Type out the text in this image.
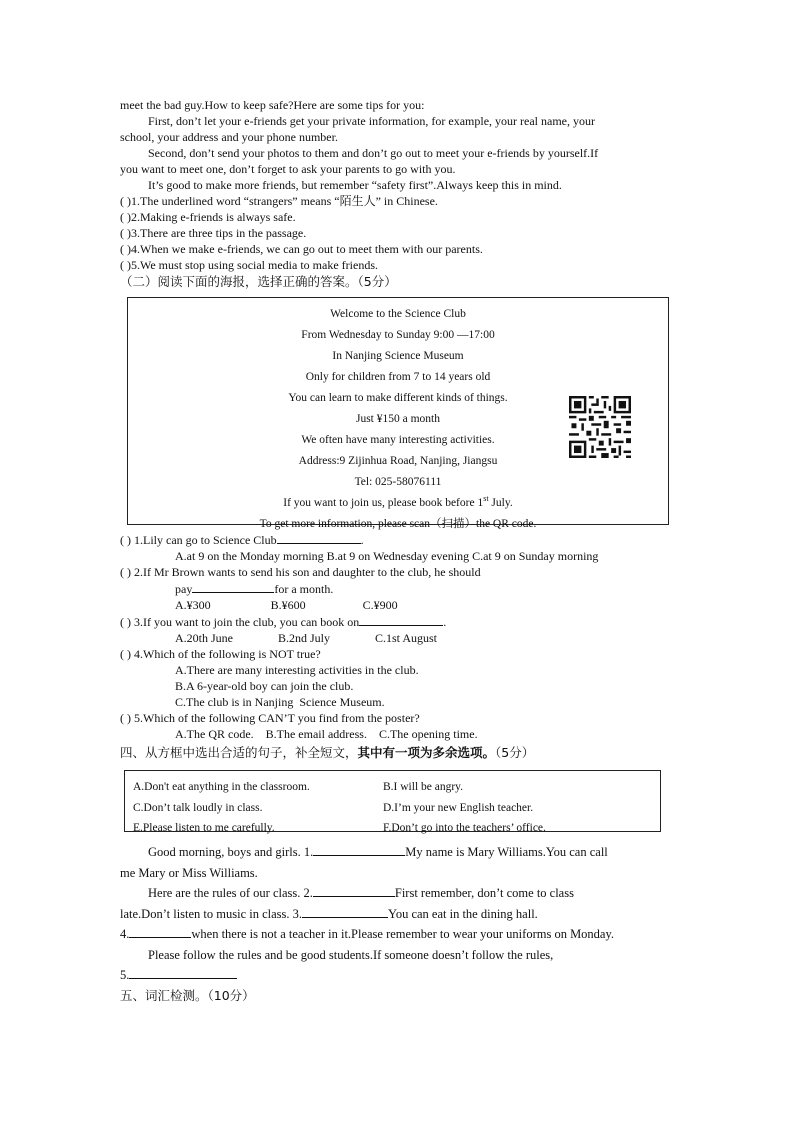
meet the bad guy.How to keep safe?Here are some tips for you:
First, don’t let your e-friends get your private information, for example, your real name, your
school, your address and your phone number.
Second, don’t send your photos to them and don’t go out to meet your e-friends by yourself.If
you want to meet one, don’t forget to ask your parents to go with you.
It’s good to make more friends, but remember “safety first”.Always keep this in mind.
( )1.The underlined word “strangers” means “陌生人” in Chinese.
( )2.Making e-friends is always safe.
( )3.There are three tips in the passage.
( )4.When we make e-friends, we can go out to meet them with our parents.
( )5.We must stop using social media to make friends.
（二）阅读下面的海报，选择正确的答案。（5分）
Welcome to the Science Club
From Wednesday to Sunday 9:00 —17:00
In Nanjing Science Museum
Only for children from 7 to 14 years old
You can learn to make different kinds of things.
Just ¥150 a month
We often have many interesting activities.
Address:9 Zijinhua Road, Nanjing, Jiangsu
Tel: 025-58076111
If you want to join us, please book before 1st July.
To get more information, please scan（扫描）the QR code.
( ) 1.Lily can go to Science Club	.
A.at 9 on the Monday morning B.at 9 on Wednesday evening C.at 9 on Sunday morning
( ) 2.If Mr Brown wants to send his son and daughter to the club, he should
pay	for a month.
A.¥300                    B.¥600                   C.¥900
( ) 3.If you want to join the club, you can book on	.
A.20th June               B.2nd July               C.1st August
( ) 4.Which of the following is NOT true?
A.There are many interesting activities in the club.
B.A 6-year-old boy can join the club.
C.The club is in Nanjing  Science Museum.
( ) 5.Which of the following CAN’T you find from the poster?
A.The QR code.    B.The email address.    C.The opening time.
四、从方框中选出合适的句子，补全短文，其中有一项为多余选项。（5分）
A.Don't eat anything in the classroom.	B.I will be angry.
C.Don’t talk loudly in class.	D.I’m your new English teacher.
E.Please listen to me carefully.	F.Don’t go into the teachers’ office.
Good morning, boys and girls. 1.	My name is Mary Williams.You can call
me Mary or Miss Williams.
Here are the rules of our class. 2.	First remember, don’t come to class
late.Don’t listen to music in class. 3.	You can eat in the dining hall.
4.	when there is not a teacher in it.Please remember to wear your uniforms on Monday.
Please follow the rules and be good students.If someone doesn’t follow the rules,
5.
五、词汇检测。（10分）
